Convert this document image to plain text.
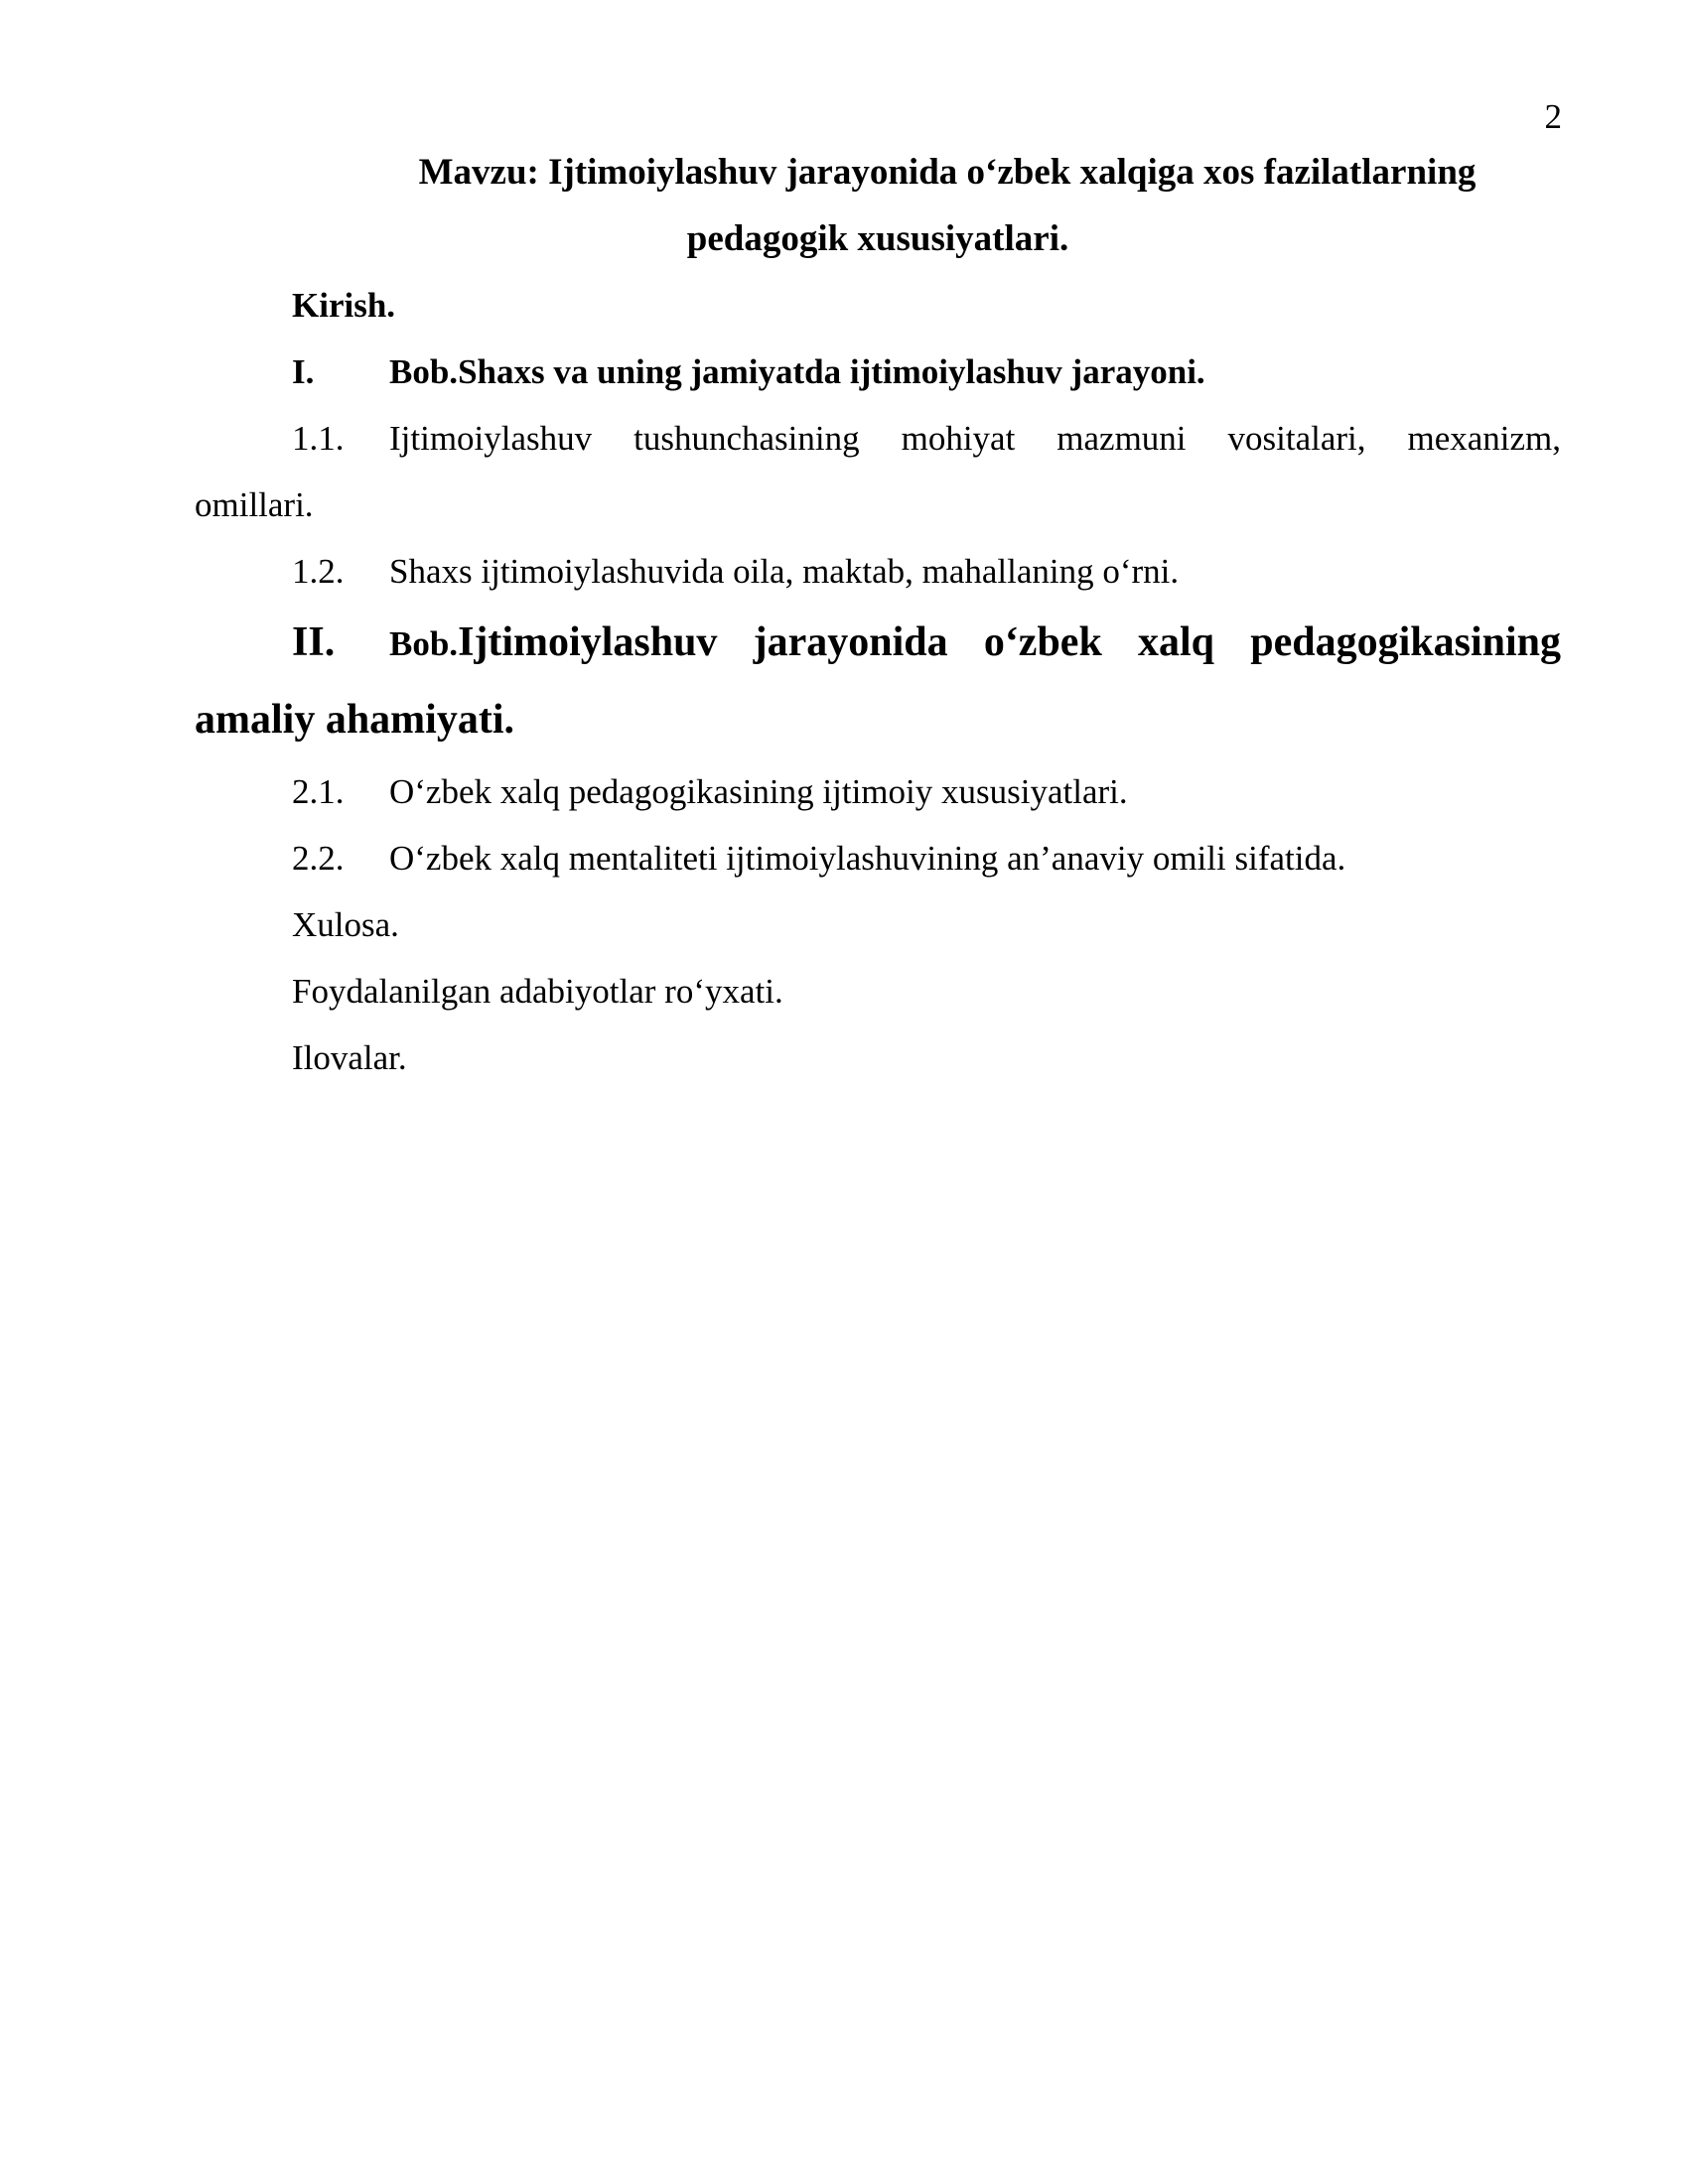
2

Mavzu: Ijtimoiylashuv jarayonida o‘zbek xalqiga xos fazilatlarning
pedagogik xususiyatlari.

Kirish.

I. Bob.Shaxs va uning jamiyatda ijtimoiylashuv jarayoni.

1.1. Ijtimoiylashuv tushunchasining mohiyat mazmuni vositalari, mexanizm,

omillari.

1.2. Shaxs ijtimoiylashuvida oila, maktab, mahallaning o‘rni.

II. Bob.Ijtimoiylashuv jarayonida o‘zbek xalq pedagogikasining

amaliy ahamiyati.

2.1. O‘zbek xalq pedagogikasining ijtimoiy xususiyatlari.

2.2. O‘zbek xalq mentaliteti ijtimoiylashuvining an’anaviy omili sifatida.

Xulosa.

Foydalanilgan adabiyotlar ro‘yxati.

Ilovalar.
